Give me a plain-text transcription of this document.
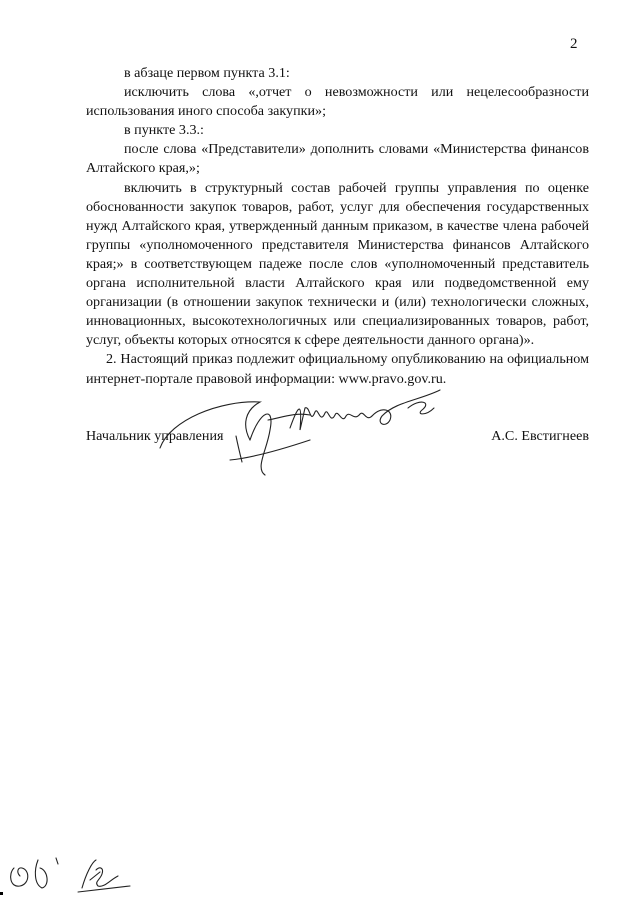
2

в абзаце первом пункта 3.1:

исключить слова «,отчет о невозможности или нецелесообразности использования иного способа закупки»;

в пункте 3.3.:

после слова «Представители» дополнить словами «Министерства финансов Алтайского края,»;

включить в структурный состав рабочей группы управления по оценке обоснованности закупок товаров, работ, услуг для обеспечения государственных нужд Алтайского края, утвержденный данным приказом, в качестве члена рабочей группы «уполномоченного представителя Министерства финансов Алтайского края;» в соответствующем падеже после слов «уполномоченный представитель органа исполнительной власти Алтайского края или подведомственной ему организации (в отношении закупок технически и (или) технологически сложных, инновационных, высокотехнологичных или специализированных товаров, работ, услуг, объекты которых относятся к сфере деятельности данного органа)».

2. Настоящий приказ подлежит официальному опубликованию на официальном интернет-портале правовой информации: www.pravo.gov.ru.

Начальник управления	А.С. Евстигнеев
